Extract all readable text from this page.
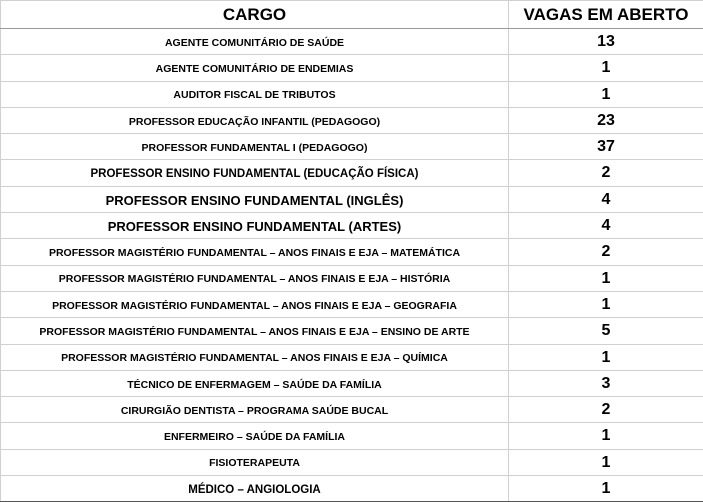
CARGO	VAGAS EM ABERTO
AGENTE COMUNITÁRIO DE SAÚDE	13
AGENTE COMUNITÁRIO DE ENDEMIAS	1
AUDITOR FISCAL DE TRIBUTOS	1
PROFESSOR EDUCAÇÃO INFANTIL (PEDAGOGO)	23
PROFESSOR FUNDAMENTAL I (PEDAGOGO)	37
PROFESSOR ENSINO FUNDAMENTAL (EDUCAÇÃO FÍSICA)	2
PROFESSOR ENSINO FUNDAMENTAL (INGLÊS)	4
PROFESSOR ENSINO FUNDAMENTAL (ARTES)	4
PROFESSOR MAGISTÉRIO FUNDAMENTAL – ANOS FINAIS E EJA – MATEMÁTICA	2
PROFESSOR MAGISTÉRIO FUNDAMENTAL – ANOS FINAIS E EJA – HISTÓRIA	1
PROFESSOR MAGISTÉRIO FUNDAMENTAL – ANOS FINAIS E EJA – GEOGRAFIA	1
PROFESSOR MAGISTÉRIO FUNDAMENTAL – ANOS FINAIS E EJA – ENSINO DE ARTE	5
PROFESSOR MAGISTÉRIO FUNDAMENTAL – ANOS FINAIS E EJA – QUÍMICA	1
TÉCNICO DE ENFERMAGEM – SAÚDE DA FAMÍLIA	3
CIRURGIÃO DENTISTA – PROGRAMA SAÚDE BUCAL	2
ENFERMEIRO – SAÚDE DA FAMÍLIA	1
FISIOTERAPEUTA	1
MÉDICO – ANGIOLOGIA	1
